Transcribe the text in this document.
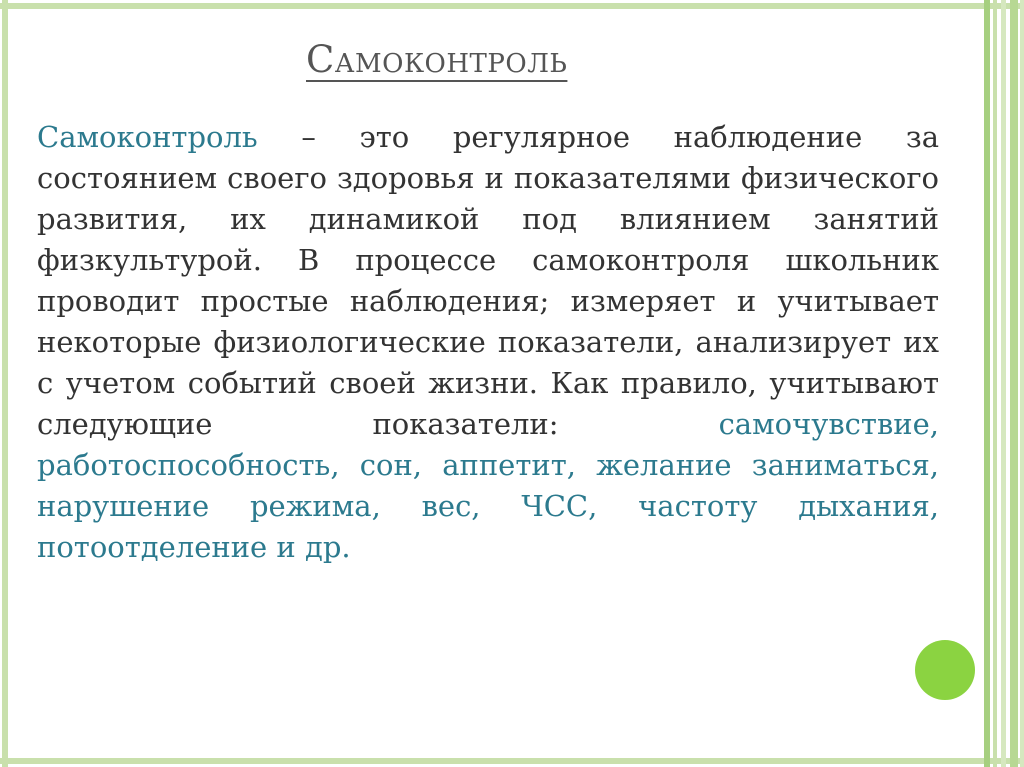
Самоконтроль

Самоконтроль – это регулярное наблюдение за состоянием своего здоровья и показателями физического развития, их динамикой под влиянием занятий физкультурой. В процессе самоконтроля школьник проводит простые наблюдения; измеряет и учитывает некоторые физиологические показатели, анализирует их с учетом событий своей жизни. Как правило, учитывают следующие показатели: самочувствие, работоспособность, сон, аппетит, желание заниматься, нарушение режима, вес, ЧСС, частоту дыхания, потоотделение и др.
